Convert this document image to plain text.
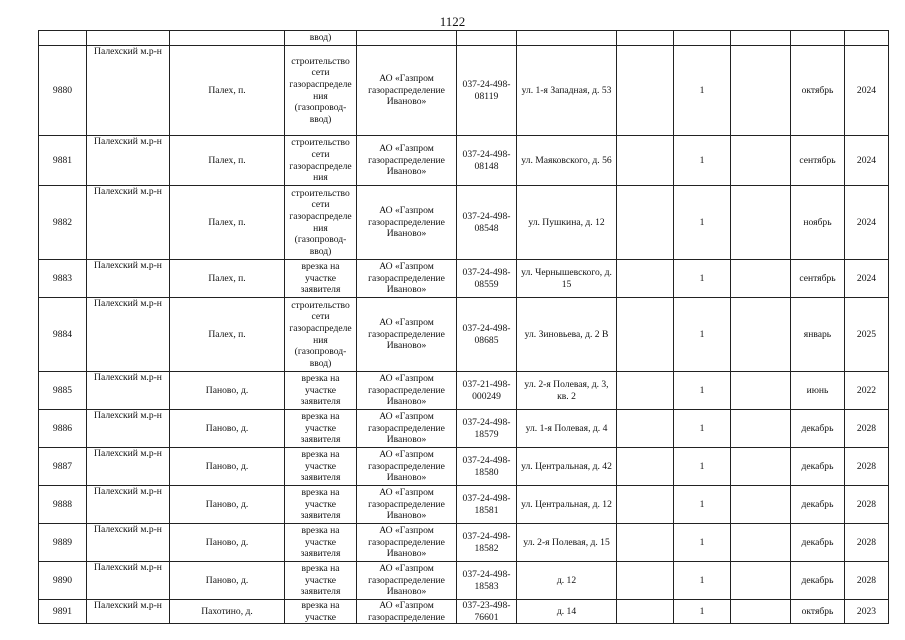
1122
			ввод)								
9880	Палехский м.р-н	Палех, п.	строительство сети газораспределения (газопровод-ввод)	АО «Газпром газораспределение Иваново»	037-24-498-08119	ул. 1-я Западная, д. 53		1		октябрь	2024
9881	Палехский м.р-н	Палех, п.	строительство сети газораспределения	АО «Газпром газораспределение Иваново»	037-24-498-08148	ул. Маяковского, д. 56		1		сентябрь	2024
9882	Палехский м.р-н	Палех, п.	строительство сети газораспределения (газопровод-ввод)	АО «Газпром газораспределение Иваново»	037-24-498-08548	ул. Пушкина, д. 12		1		ноябрь	2024
9883	Палехский м.р-н	Палех, п.	врезка на участке заявителя	АО «Газпром газораспределение Иваново»	037-24-498-08559	ул. Чернышевского, д. 15		1		сентябрь	2024
9884	Палехский м.р-н	Палех, п.	строительство сети газораспределения (газопровод-ввод)	АО «Газпром газораспределение Иваново»	037-24-498-08685	ул. Зиновьева, д. 2 В		1		январь	2025
9885	Палехский м.р-н	Паново, д.	врезка на участке заявителя	АО «Газпром газораспределение Иваново»	037-21-498-000249	ул. 2-я Полевая, д. 3, кв. 2		1		июнь	2022
9886	Палехский м.р-н	Паново, д.	врезка на участке заявителя	АО «Газпром газораспределение Иваново»	037-24-498-18579	ул. 1-я Полевая, д. 4		1		декабрь	2028
9887	Палехский м.р-н	Паново, д.	врезка на участке заявителя	АО «Газпром газораспределение Иваново»	037-24-498-18580	ул. Центральная, д. 42		1		декабрь	2028
9888	Палехский м.р-н	Паново, д.	врезка на участке заявителя	АО «Газпром газораспределение Иваново»	037-24-498-18581	ул. Центральная, д. 12		1		декабрь	2028
9889	Палехский м.р-н	Паново, д.	врезка на участке заявителя	АО «Газпром газораспределение Иваново»	037-24-498-18582	ул. 2-я Полевая, д. 15		1		декабрь	2028
9890	Палехский м.р-н	Паново, д.	врезка на участке заявителя	АО «Газпром газораспределение Иваново»	037-24-498-18583	д. 12		1		декабрь	2028
9891	Палехский м.р-н	Пахотино, д.	врезка на участке	АО «Газпром газораспределение	037-23-498-76601	д. 14		1		октябрь	2023
